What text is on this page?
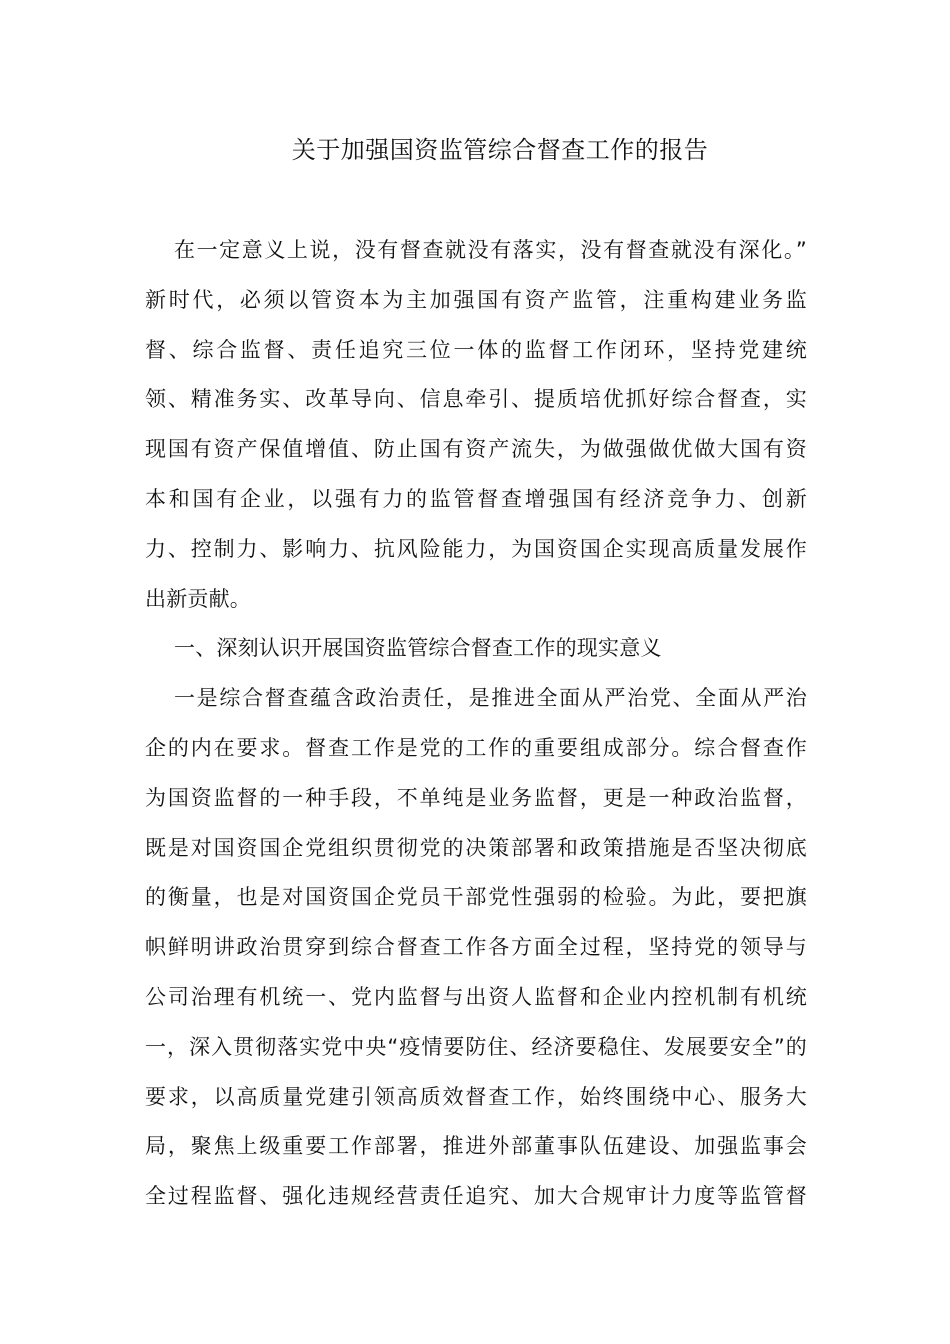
关于加强国资监管综合督查工作的报告
在一定意义上说，没有督查就没有落实，没有督查就没有深化。”
新时代，必须以管资本为主加强国有资产监管，注重构建业务监
督、综合监督、责任追究三位一体的监督工作闭环，坚持党建统
领、精准务实、改革导向、信息牵引、提质培优抓好综合督查，实
现国有资产保值增值、防止国有资产流失，为做强做优做大国有资
本和国有企业，以强有力的监管督查增强国有经济竞争力、创新
力、控制力、影响力、抗风险能力，为国资国企实现高质量发展作
出新贡献。
一、深刻认识开展国资监管综合督查工作的现实意义
一是综合督查蕴含政治责任，是推进全面从严治党、全面从严治
企的内在要求。督查工作是党的工作的重要组成部分。综合督查作
为国资监督的一种手段，不单纯是业务监督，更是一种政治监督，
既是对国资国企党组织贯彻党的决策部署和政策措施是否坚决彻底
的衡量，也是对国资国企党员干部党性强弱的检验。为此，要把旗
帜鲜明讲政治贯穿到综合督查工作各方面全过程，坚持党的领导与
公司治理有机统一、党内监督与出资人监督和企业内控机制有机统
一，深入贯彻落实党中央“疫情要防住、经济要稳住、发展要安全”的
要求，以高质量党建引领高质效督查工作，始终围绕中心、服务大
局，聚焦上级重要工作部署，推进外部董事队伍建设、加强监事会
全过程监督、强化违规经营责任追究、加大合规审计力度等监管督
